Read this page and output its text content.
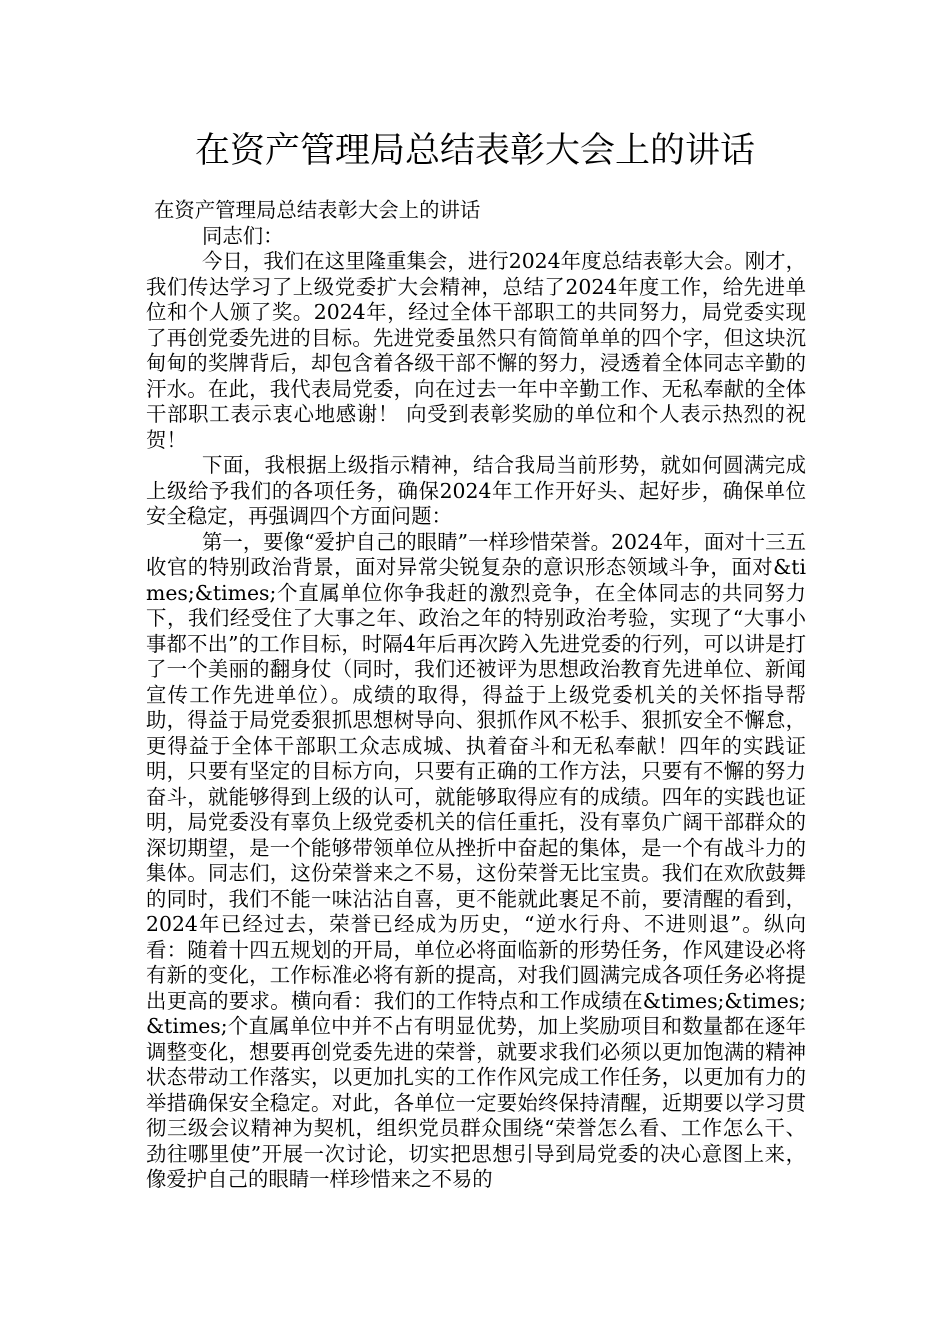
在资产管理局总结表彰大会上的讲话

在资产管理局总结表彰大会上的讲话

同志们：

今日，我们在这里隆重集会，进行2024年度总结表彰大会。刚才，我们传达学习了上级党委扩大会精神，总结了2024年度工作，给先进单位和个人颁了奖。2024年，经过全体干部职工的共同努力，局党委实现了再创党委先进的目标。先进党委虽然只有简简单单的四个字，但这块沉甸甸的奖牌背后，却包含着各级干部不懈的努力，浸透着全体同志辛勤的汗水。在此，我代表局党委，向在过去一年中辛勤工作、无私奉献的全体干部职工表示衷心地感谢！ 向受到表彰奖励的单位和个人表示热烈的祝贺！

下面，我根据上级指示精神，结合我局当前形势，就如何圆满完成上级给予我们的各项任务，确保2024年工作开好头、起好步，确保单位安全稳定，再强调四个方面问题：

第一，要像“爱护自己的眼睛”一样珍惜荣誉。2024年，面对十三五收官的特别政治背景，面对异常尖锐复杂的意识形态领域斗争，面对&times;&times;个直属单位你争我赶的激烈竞争，在全体同志的共同努力下，我们经受住了大事之年、政治之年的特别政治考验，实现了“大事小事都不出”的工作目标，时隔4年后再次跨入先进党委的行列，可以讲是打了一个美丽的翻身仗（同时，我们还被评为思想政治教育先进单位、新闻宣传工作先进单位）。成绩的取得，得益于上级党委机关的关怀指导帮助，得益于局党委狠抓思想树导向、狠抓作风不松手、狠抓安全不懈怠，更得益于全体干部职工众志成城、执着奋斗和无私奉献！四年的实践证明，只要有坚定的目标方向，只要有正确的工作方法，只要有不懈的努力奋斗，就能够得到上级的认可，就能够取得应有的成绩。四年的实践也证明，局党委没有辜负上级党委机关的信任重托，没有辜负广阔干部群众的深切期望，是一个能够带领单位从挫折中奋起的集体，是一个有战斗力的集体。同志们，这份荣誉来之不易，这份荣誉无比宝贵。我们在欢欣鼓舞的同时，我们不能一味沾沾自喜，更不能就此裹足不前，要清醒的看到，2024年已经过去，荣誉已经成为历史，“逆水行舟、不进则退”。纵向看：随着十四五规划的开局，单位必将面临新的形势任务，作风建设必将有新的变化，工作标准必将有新的提高，对我们圆满完成各项任务必将提出更高的要求。横向看：我们的工作特点和工作成绩在&times;&times;&times;个直属单位中并不占有明显优势，加上奖励项目和数量都在逐年调整变化，想要再创党委先进的荣誉，就要求我们必须以更加饱满的精神状态带动工作落实，以更加扎实的工作作风完成工作任务，以更加有力的举措确保安全稳定。对此，各单位一定要始终保持清醒，近期要以学习贯彻三级会议精神为契机，组织党员群众围绕“荣誉怎么看、工作怎么干、劲往哪里使”开展一次讨论，切实把思想引导到局党委的决心意图上来，像爱护自己的眼睛一样珍惜来之不易的
